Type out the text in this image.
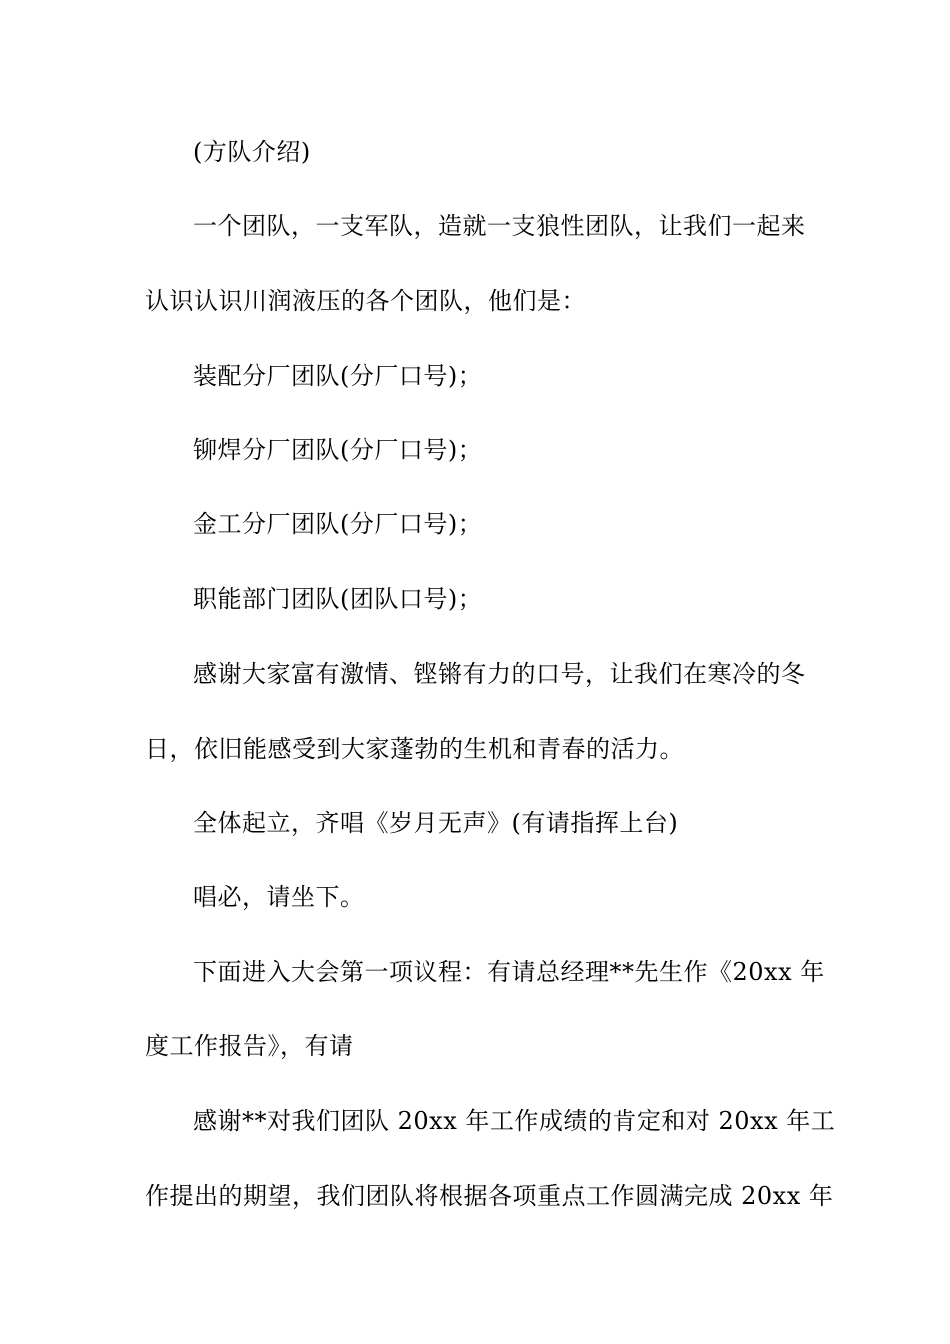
(方队介绍)
一个团队，一支军队，造就一支狼性团队，让我们一起来
认识认识川润液压的各个团队，他们是：
装配分厂团队(分厂口号)；
铆焊分厂团队(分厂口号)；
金工分厂团队(分厂口号)；
职能部门团队(团队口号)；
感谢大家富有激情、铿锵有力的口号，让我们在寒冷的冬
日，依旧能感受到大家蓬勃的生机和青春的活力。
全体起立，齐唱《岁月无声》(有请指挥上台)
唱必，请坐下。
下面进入大会第一项议程：有请总经理**先生作《20xx 年
度工作报告》，有请
感谢**对我们团队 20xx 年工作成绩的肯定和对 20xx 年工
作提出的期望，我们团队将根据各项重点工作圆满完成 20xx 年
